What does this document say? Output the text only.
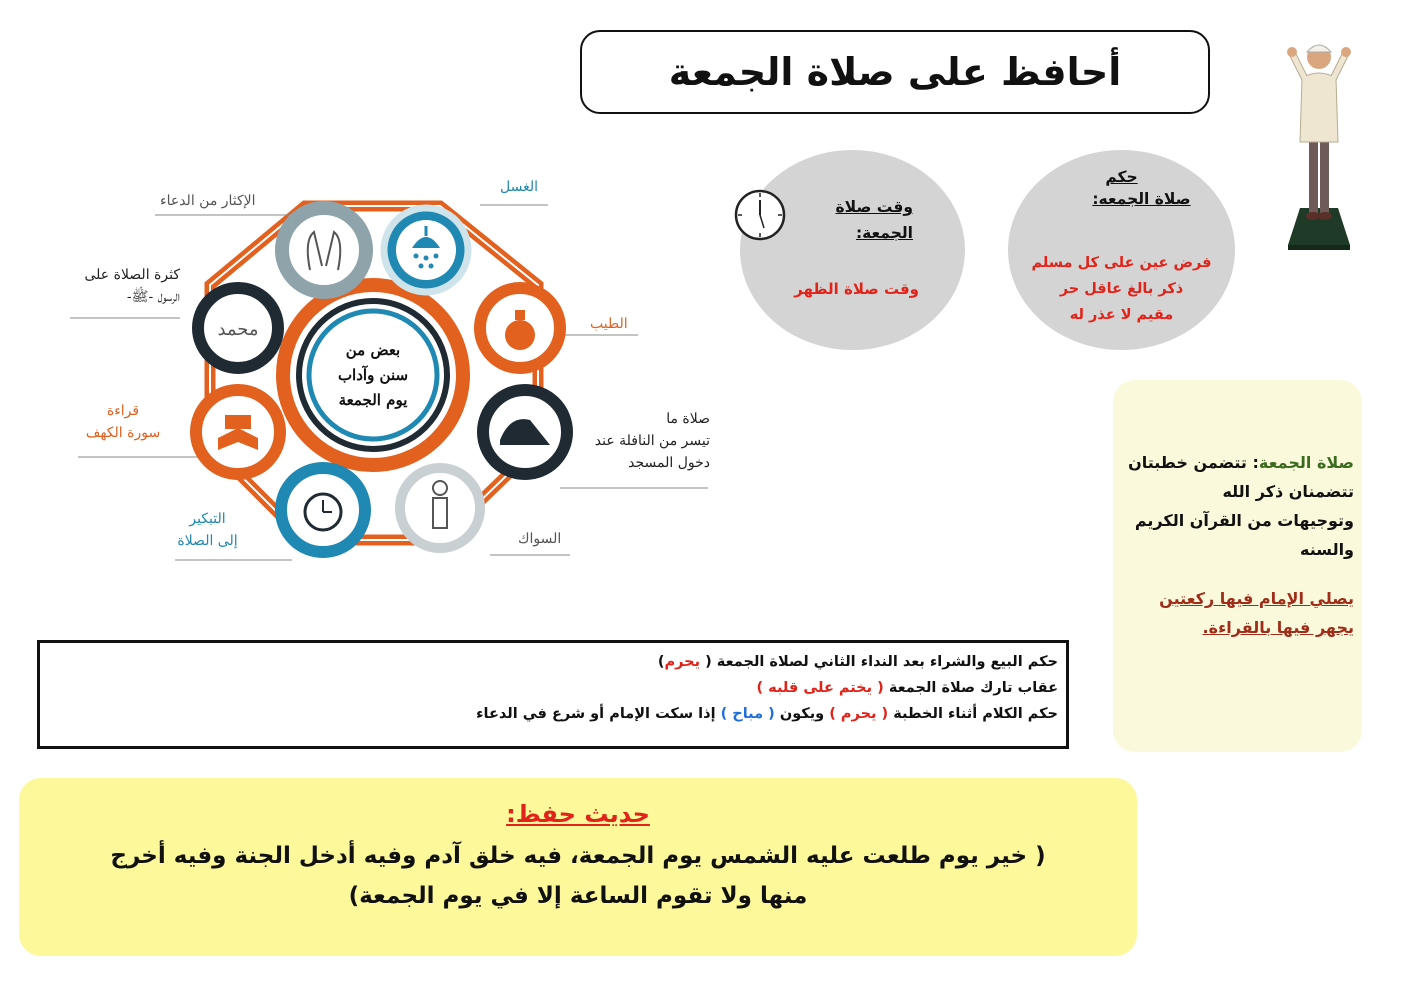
أحافظ على صلاة الجمعة
حكم
صلاة الجمعه:
فرض عين على كل مسلم
ذكر بالغ عاقل حر
مقيم لا عذر له
وقت صلاة
الجمعة:
وقت صلاة الظهر
محمد
بعض من
سنن وآداب
يوم الجمعة
الغسل
الإكثار من الدعاء
كثرة الصلاة على
الرسول -ﷺ-
الطيب
قراءة
سورة الكهف
صلاة ما
تيسر من النافلة عند
دخول المسجد
التبكير
إلى الصلاة	السواك
صلاة الجمعة: تتضمن خطبتان
تتضمنان ذكر الله
وتوجيهات من القرآن الكريم والسنه
يصلي الإمام فيها ركعتين
يجهر فيها بالقراءة.
حكم البيع والشراء بعد النداء الثاني لصلاة الجمعة ( يحرم)
عقاب تارك صلاة الجمعة ( يختم على قلبه )
حكم الكلام أثناء الخطبة ( يحرم ) ويكون ( مباح ) إذا سكت الإمام أو شرع في الدعاء
حديث حفظ:
( خير يوم طلعت عليه الشمس يوم الجمعة، فيه خلق آدم وفيه أدخل الجنة وفيه أخرج
منها ولا تقوم الساعة إلا في يوم الجمعة)
